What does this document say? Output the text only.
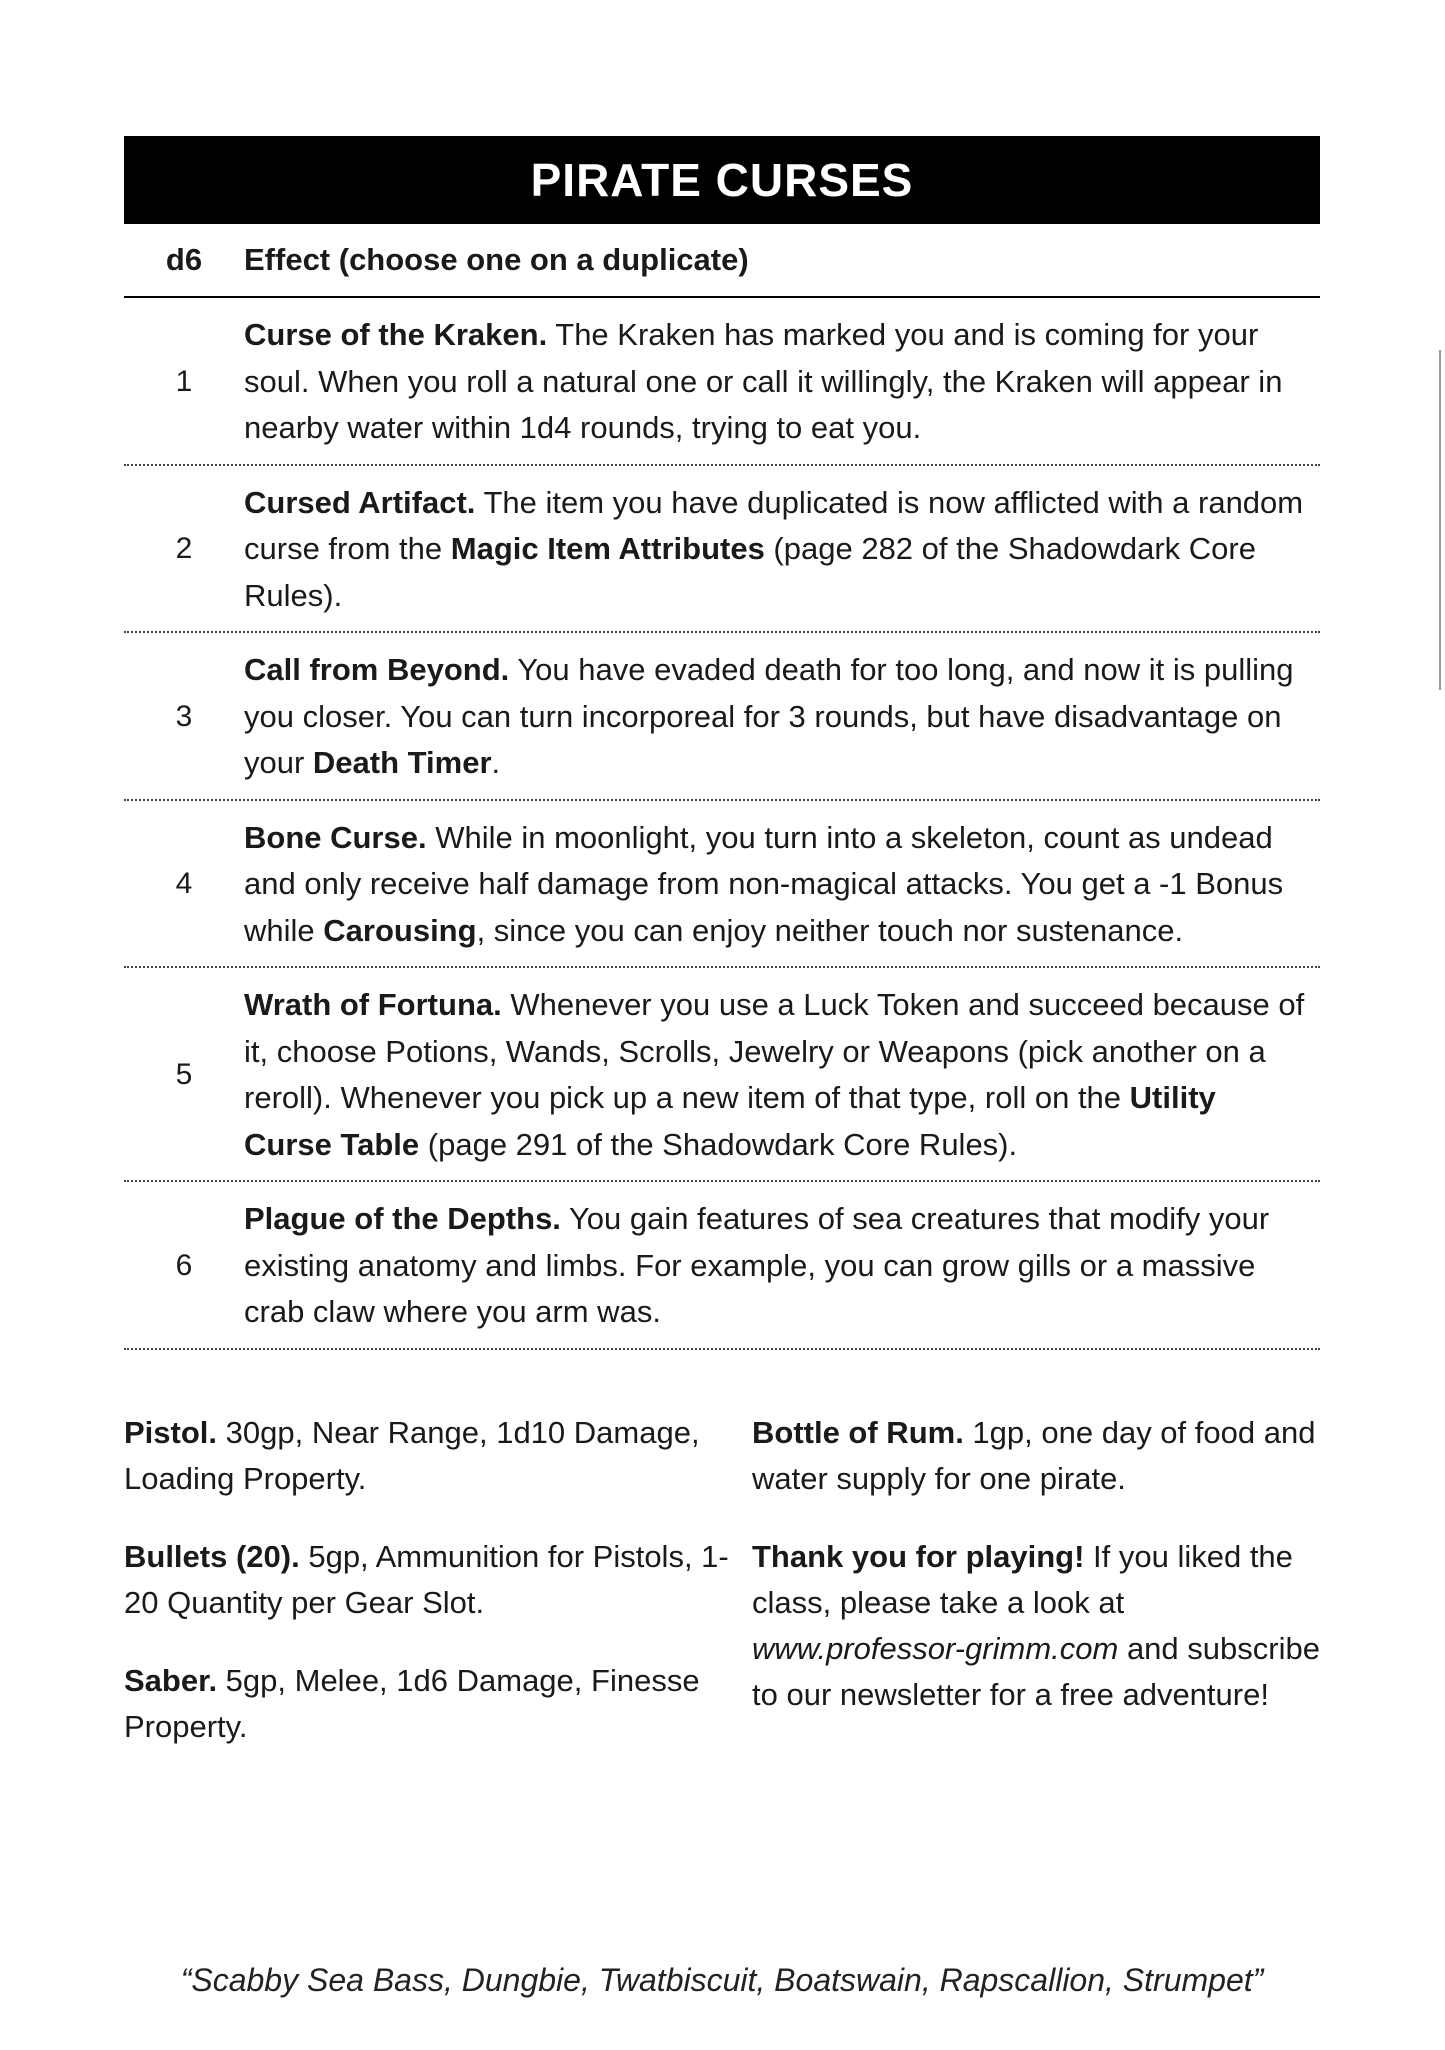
PIRATE CURSES
d6	Effect (choose one on a duplicate)
1
Curse of the Kraken. The Kraken has marked you and is coming for your soul. When you roll a natural one or call it willingly, the Kraken will appear in nearby water within 1d4 rounds, trying to eat you.
2
Cursed Artifact. The item you have duplicated is now afflicted with a random curse from the Magic Item Attributes (page 282 of the Shadowdark Core Rules).
3
Call from Beyond. You have evaded death for too long, and now it is pulling you closer. You can turn incorporeal for 3 rounds, but have disadvantage on your Death Timer.
4
Bone Curse. While in moonlight, you turn into a skeleton, count as undead and only receive half damage from non-magical attacks. You get a -1 Bonus while Carousing, since you can enjoy neither touch nor sustenance.
5
Wrath of Fortuna. Whenever you use a Luck Token and succeed because of it, choose Potions, Wands, Scrolls, Jewelry or Weapons (pick another on a reroll). Whenever you pick up a new item of that type, roll on the Utility Curse Table (page 291 of the Shadowdark Core Rules).
6
Plague of the Depths. You gain features of sea creatures that modify your existing anatomy and limbs. For example, you can grow gills or a massive crab claw where you arm was.

Pistol. 30gp, Near Range, 1d10 Damage, Loading Property.

Bullets (20). 5gp, Ammunition for Pistols, 1-20 Quantity per Gear Slot.

Saber. 5gp, Melee, 1d6 Damage, Finesse Property.

Bottle of Rum. 1gp, one day of food and water supply for one pirate.

Thank you for playing! If you liked the class, please take a look at www.professor-grimm.com and subscribe to our newsletter for a free adventure!

“Scabby Sea Bass, Dungbie, Twatbiscuit, Boatswain, Rapscallion, Strumpet”
